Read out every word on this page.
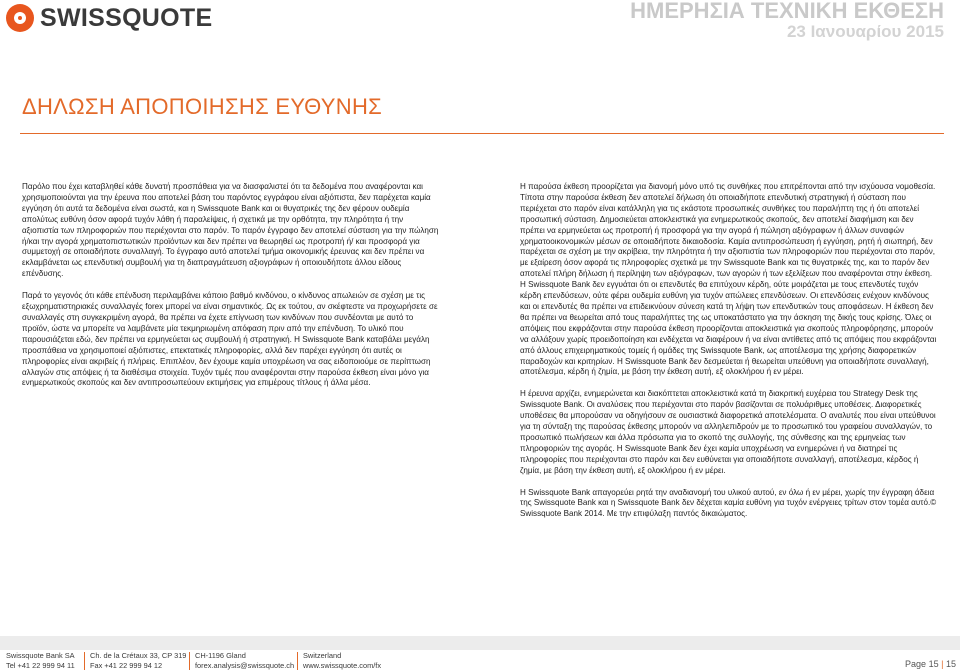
SWISSQUOTE	ΗΜΕΡΗΣΙΑ ΤΕΧΝΙΚΗ ΕΚΘΕΣΗ
23 Ιανουαρίου 2015
ΔΗΛΩΣΗ ΑΠΟΠΟΙΗΣΗΣ ΕΥΘΥΝΗΣ

Παρόλο που έχει καταβληθεί κάθε δυνατή προσπάθεια για να διασφαλιστεί ότι τα δεδομένα που αναφέρονται και χρησιμοποιούνται για την έρευνα που αποτελεί βάση του παρόντος εγγράφου είναι αξιόπιστα, δεν παρέχεται καμία εγγύηση ότι αυτά τα δεδομένα είναι σωστά, και η Swissquote Bank και οι θυγατρικές της δεν φέρουν ουδεμία απολύτως ευθύνη όσον αφορά τυχόν λάθη ή παραλείψεις, ή σχετικά με την ορθότητα, την πληρότητα ή την αξιοπιστία των πληροφοριών που περιέχονται στο παρόν. Το παρόν έγγραφο δεν αποτελεί σύσταση για την πώληση ή/και την αγορά χρηματοπιστωτικών προϊόντων και δεν πρέπει να θεωρηθεί ως προτροπή ή/ και προσφορά για συμμετοχή σε οποιαδήποτε συναλλαγή. Το έγγραφο αυτό αποτελεί τμήμα οικονομικής έρευνας και δεν πρέπει να εκλαμβάνεται ως επενδυτική συμβουλή για τη διαπραγμάτευση αξιογράφων ή οποιουδήποτε άλλου είδους επένδυσης.

Παρά το γεγονός ότι κάθε επένδυση περιλαμβάνει κάποιο βαθμό κινδύνου, ο κίνδυνος απωλειών σε σχέση με τις εξωχρηματιστηριακές συναλλαγές forex μπορεί να είναι σημαντικός. Ως εκ τούτου, αν σκέφτεστε να προχωρήσετε σε συναλλαγές στη συγκεκριμένη αγορά, θα πρέπει να έχετε επίγνωση των κινδύνων που συνδέονται με αυτό το προϊόν, ώστε να μπορείτε να λαμβάνετε μία τεκμηριωμένη απόφαση πριν από την επένδυση. Το υλικό που παρουσιάζεται εδώ, δεν πρέπει να ερμηνεύεται ως συμβουλή ή στρατηγική. Η Swissquote Bank καταβάλει μεγάλη προσπάθεια να χρησιμοποιεί αξιόπιστες, επεκτατικές πληροφορίες, αλλά δεν παρέχει εγγύηση ότι αυτές οι πληροφορίες είναι ακριβείς ή πλήρεις. Επιπλέον, δεν έχουμε καμία υποχρέωση να σας ειδοποιούμε σε περίπτωση αλλαγών στις απόψεις ή τα διαθέσιμα στοιχεία. Τυχόν τιμές που αναφέρονται στην παρούσα έκθεση είναι μόνο για ενημερωτικούς σκοπούς και δεν αντιπροσωπεύουν εκτιμήσεις για επιμέρους τίτλους ή άλλα μέσα.

Η παρούσα έκθεση προορίζεται για διανομή μόνο υπό τις συνθήκες που επιτρέπονται από την ισχύουσα νομοθεσία. Τίποτα στην παρούσα έκθεση δεν αποτελεί δήλωση ότι οποιαδήποτε επενδυτική στρατηγική ή σύσταση που περιέχεται στο παρόν είναι κατάλληλη για τις εκάστοτε προσωπικές συνθήκες του παραλήπτη της ή ότι αποτελεί προσωπική σύσταση. Δημοσιεύεται αποκλειστικά για ενημερωτικούς σκοπούς, δεν αποτελεί διαφήμιση και δεν πρέπει να ερμηνεύεται ως προτροπή ή προσφορά για την αγορά ή πώληση αξιόγραφων ή άλλων συναφών χρηματοοικονομικών μέσων σε οποιαδήποτε δικαιοδοσία. Καμία αντιπροσώπευση ή εγγύηση, ρητή ή σιωπηρή, δεν παρέχεται σε σχέση με την ακρίβεια, την πληρότητα ή την αξιοπιστία των πληροφοριών που περιέχονται στο παρόν, με εξαίρεση όσον αφορά τις πληροφορίες σχετικά με την Swissquote Bank και τις θυγατρικές της, και το παρόν δεν αποτελεί πλήρη δήλωση ή περίληψη των αξιόγραφων, των αγορών ή των εξελίξεων που αναφέρονται στην έκθεση. Η Swissquote Bank δεν εγγυάται ότι οι επενδυτές θα επιτύχουν κέρδη, ούτε μοιράζεται με τους επενδυτές τυχόν κέρδη επενδύσεων, ούτε φέρει ουδεμία ευθύνη για τυχόν απώλειες επενδύσεων. Οι επενδύσεις ενέχουν κινδύνους και οι επενδυτές θα πρέπει να επιδεικνύουν σύνεση κατά τη λήψη των επενδυτικών τους αποφάσεων. Η έκθεση δεν θα πρέπει να θεωρείται από τους παραλήπτες της ως υποκατάστατο για την άσκηση της δικής τους κρίσης. Όλες οι απόψεις που εκφράζονται στην παρούσα έκθεση προορίζονται αποκλειστικά για σκοπούς πληροφόρησης, μπορούν να αλλάξουν χωρίς προειδοποίηση και ενδέχεται να διαφέρουν ή να είναι αντίθετες από τις απόψεις που εκφράζονται από άλλους επιχειρηματικούς τομείς ή ομάδες της Swissquote Bank, ως αποτέλεσμα της χρήσης διαφορετικών παραδοχών και κριτηρίων. Η Swissquote Bank δεν δεσμεύεται ή θεωρείται υπεύθυνη για οποιαδήποτε συναλλαγή, αποτέλεσμα, κέρδη ή ζημία, με βάση την έκθεση αυτή, εξ ολοκλήρου ή εν μέρει.

Η έρευνα αρχίζει, ενημερώνεται και διακόπτεται αποκλειστικά κατά τη διακριτική ευχέρεια του Strategy Desk της Swissquote Bank. Οι αναλύσεις που περιέχονται στο παρόν βασίζονται σε πολυάριθμες υποθέσεις. Διαφορετικές υποθέσεις θα μπορούσαν να οδηγήσουν σε ουσιαστικά διαφορετικά αποτελέσματα. Ο αναλυτές που είναι υπεύθυνοι για τη σύνταξη της παρούσας έκθεσης μπορούν να αλληλεπιδρούν με το προσωπικό του γραφείου συναλλαγών, το προσωπικό πωλήσεων και άλλα πρόσωπα για το σκοπό της συλλογής, της σύνθεσης και της ερμηνείας των πληροφοριών της αγοράς. Η Swissquote Bank δεν έχει καμία υποχρέωση να ενημερώνει ή να διατηρεί τις πληροφορίες που περιέχονται στο παρόν και δεν ευθύνεται για οποιαδήποτε συναλλαγή, αποτέλεσμα, κέρδος ή ζημία, με βάση την έκθεση αυτή, εξ ολοκλήρου ή εν μέρει.

Η Swissquote Bank απαγορεύει ρητά την αναδιανομή του υλικού αυτού, εν όλω ή εν μέρει, χωρίς την έγγραφη άδεια της Swissquote Bank και η Swissquote Bank δεν δέχεται καμία ευθύνη για τυχόν ενέργειες τρίτων στον τομέα αυτό.© Swissquote Bank 2014. Με την επιφύλαξη παντός δικαιώματος.

Swissquote Bank SA
Tel +41 22 999 94 11
Ch. de la Crétaux 33, CP 319
Fax +41 22 999 94 12
CH-1196 Gland
forex.analysis@swissquote.ch
Switzerland
www.swissquote.com/fx	Page 15 | 15
